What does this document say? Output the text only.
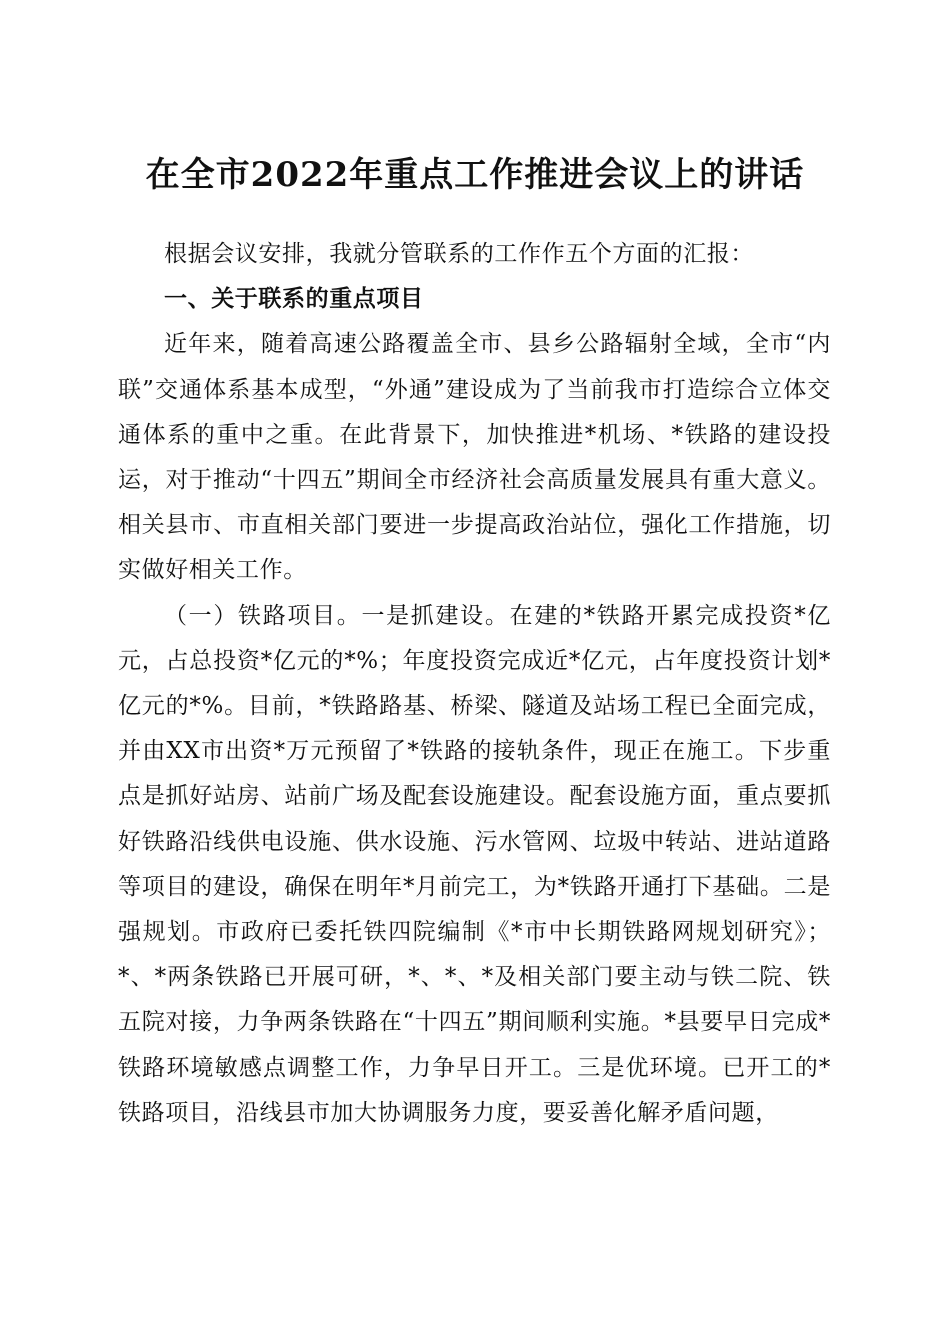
在全市2022年重点工作推进会议上的讲话

根据会议安排，我就分管联系的工作作五个方面的汇报：

一、关于联系的重点项目

近年来，随着高速公路覆盖全市、县乡公路辐射全域，全市“内联”交通体系基本成型，“外通”建设成为了当前我市打造综合立体交通体系的重中之重。在此背景下，加快推进*机场、*铁路的建设投运，对于推动“十四五”期间全市经济社会高质量发展具有重大意义。相关县市、市直相关部门要进一步提高政治站位，强化工作措施，切实做好相关工作。

（一）铁路项目。一是抓建设。在建的*铁路开累完成投资*亿元，占总投资*亿元的*%；年度投资完成近*亿元，占年度投资计划*亿元的*%。目前，*铁路路基、桥梁、隧道及站场工程已全面完成，并由XX市出资*万元预留了*铁路的接轨条件，现正在施工。下步重点是抓好站房、站前广场及配套设施建设。配套设施方面，重点要抓好铁路沿线供电设施、供水设施、污水管网、垃圾中转站、进站道路等项目的建设，确保在明年*月前完工，为*铁路开通打下基础。二是强规划。市政府已委托铁四院编制《*市中长期铁路网规划研究》；*、*两条铁路已开展可研，*、*、*及相关部门要主动与铁二院、铁五院对接，力争两条铁路在“十四五”期间顺利实施。*县要早日完成*铁路环境敏感点调整工作，力争早日开工。三是优环境。已开工的*铁路项目，沿线县市加大协调服务力度，要妥善化解矛盾问题，
